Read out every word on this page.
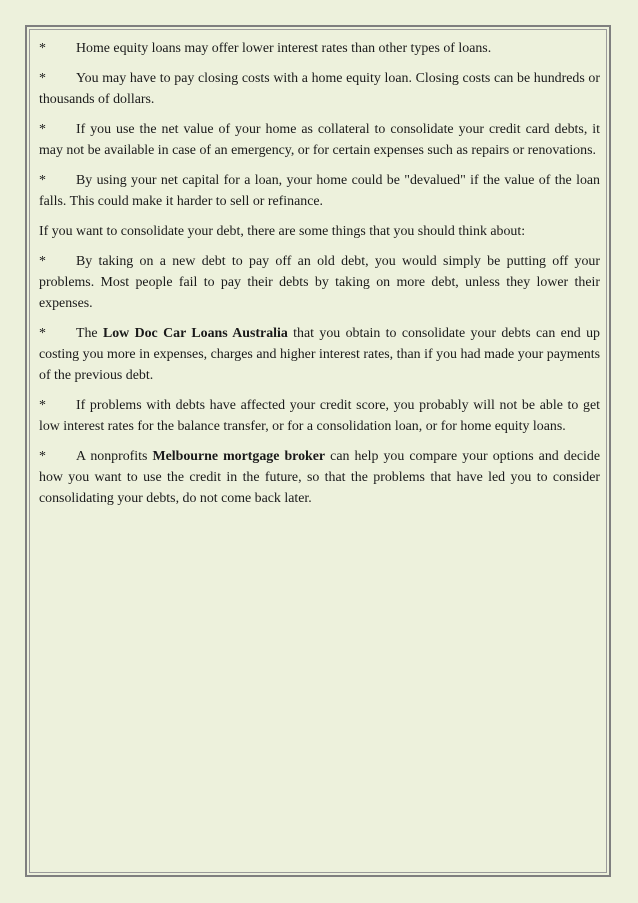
* Home equity loans may offer lower interest rates than other types of loans.

* You may have to pay closing costs with a home equity loan. Closing costs can be hundreds or thousands of dollars.

* If you use the net value of your home as collateral to consolidate your credit card debts, it may not be available in case of an emergency, or for certain expenses such as repairs or renovations.

* By using your net capital for a loan, your home could be "devalued" if the value of the loan falls. This could make it harder to sell or refinance.

If you want to consolidate your debt, there are some things that you should think about:

* By taking on a new debt to pay off an old debt, you would simply be putting off your problems. Most people fail to pay their debts by taking on more debt, unless they lower their expenses.

* The Low Doc Car Loans Australia that you obtain to consolidate your debts can end up costing you more in expenses, charges and higher interest rates, than if you had made your payments of the previous debt.

* If problems with debts have affected your credit score, you probably will not be able to get low interest rates for the balance transfer, or for a consolidation loan, or for home equity loans.

* A nonprofits Melbourne mortgage broker can help you compare your options and decide how you want to use the credit in the future, so that the problems that have led you to consider consolidating your debts, do not come back later.
